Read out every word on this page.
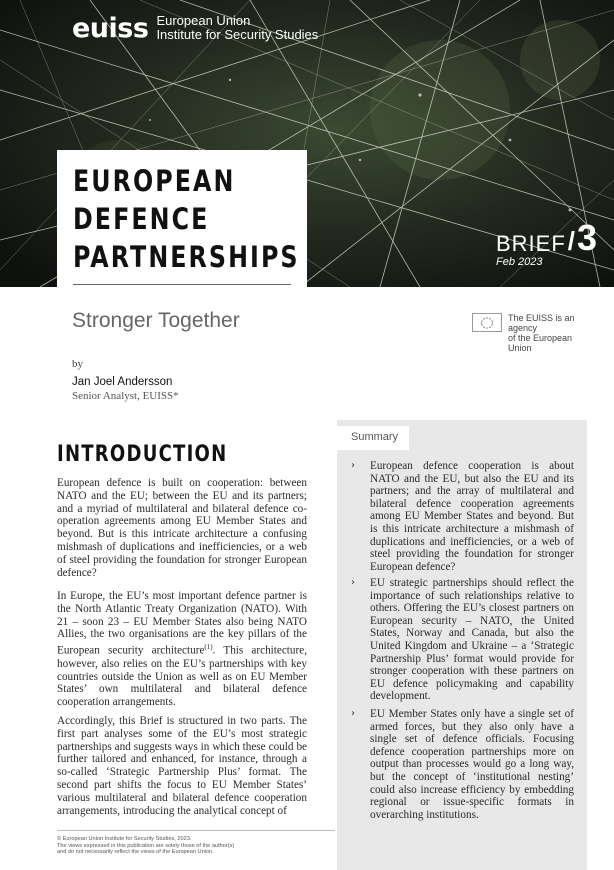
euiss European Union
Institute for Security Studies
EUROPEAN
DEFENCE
PARTNERSHIPS	BRIEF/3
Feb 2023
Stronger Together	The EUISS is an agency
of the European Union
by
Jan Joel Andersson
Senior Analyst, EUISS*
INTRODUCTION

European defence is built on cooperation: between NATO and the EU; between the EU and its partners; and a myriad of multilateral and bilateral defence co-operation agreements among EU Member States and beyond. But is this intricate architecture a confusing mishmash of duplications and inefficiencies, or a web of steel providing the foundation for stronger European defence?

In Europe, the EU’s most important defence partner is the North Atlantic Treaty Organization (NATO). With 21 – soon 23 – EU Member States also being NATO Allies, the two organisations are the key pillars of the European security architecture$^{(1)}$. This architecture, however, also relies on the EU’s partnerships with key countries outside the Union as well as on EU Member States’ own multilateral and bilateral defence cooperation arrangements.

Accordingly, this Brief is structured in two parts. The first part analyses some of the EU’s most strategic partnerships and suggests ways in which these could be further tailored and enhanced, for instance, through a so-called ‘Strategic Partnership Plus’ format. The second part shifts the focus to EU Member States’ various multilateral and bilateral defence cooperation arrangements, introducing the analytical concept of

Summary

› European defence cooperation is about NATO and the EU, but also the EU and its partners; and the array of multilateral and bilateral defence cooperation agreements among EU Member States and beyond. But is this intricate architecture a mishmash of duplications and inefficiencies, or a web of steel providing the foundation for stronger European defence?

› EU strategic partnerships should reflect the importance of such relationships relative to others. Offering the EU’s closest partners on European security – NATO, the United States, Norway and Canada, but also the United Kingdom and Ukraine – a ‘Strategic Partnership Plus’ format would provide for stronger cooperation with these partners on EU defence policymaking and capability development.

› EU Member States only have a single set of armed forces, but they also only have a single set of defence officials. Focusing defence cooperation partnerships more on output than processes would go a long way, but the concept of ‘institutional nesting’ could also increase efficiency by embedding regional or issue-specific formats in overarching institutions.

© European Union Institute for Security Studies, 2023.
The views expressed in this publication are solely those of the author(s)
and do not necessarily reflect the views of the European Union.
